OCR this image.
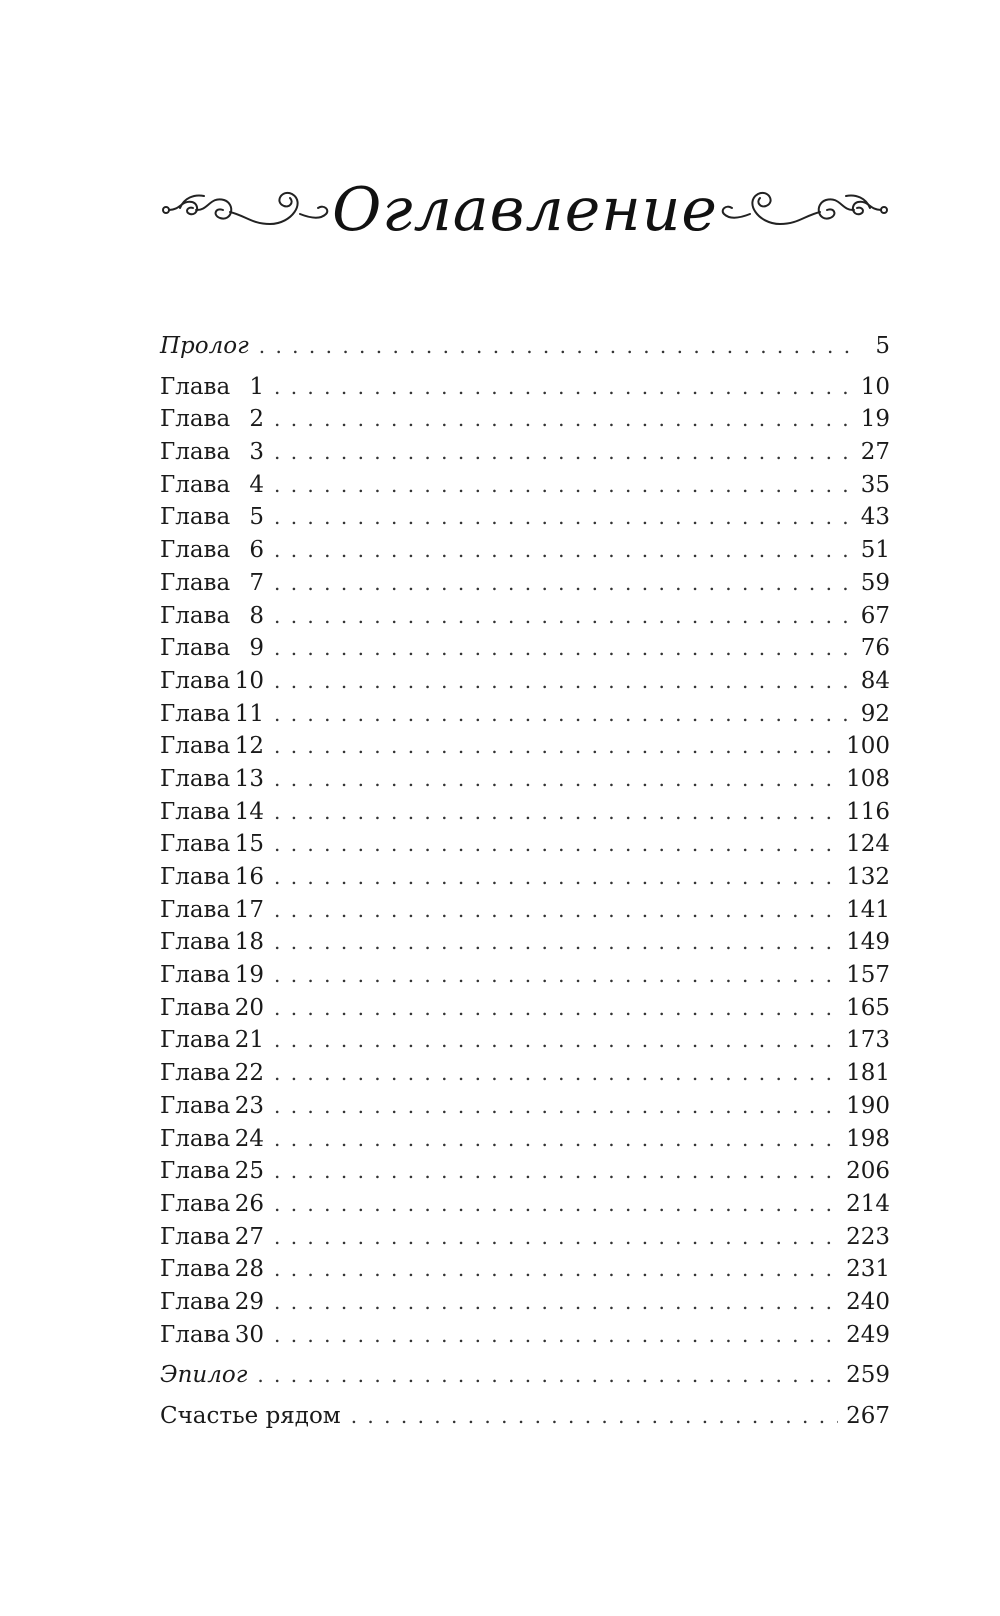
Оглавление
Пролог . . .	5
Глава 1 . . .	10
Глава 2 . . .	19
Глава 3 . . .	27
Глава 4 . . .	35
Глава 5 . . .	43
Глава 6 . . .	51
Глава 7 . . .	59
Глава 8 . . .	67
Глава 9 . . .	76
Глава 10 . . .	84
Глава 11 . . .	92
Глава 12 . . .	100
Глава 13 . . .	108
Глава 14 . . .	116
Глава 15 . . .	124
Глава 16 . . .	132
Глава 17 . . .	141
Глава 18 . . .	149
Глава 19 . . .	157
Глава 20 . . .	165
Глава 21 . . .	173
Глава 22 . . .	181
Глава 23 . . .	190
Глава 24 . . .	198
Глава 25 . . .	206
Глава 26 . . .	214
Глава 27 . . .	223
Глава 28 . . .	231
Глава 29 . . .	240
Глава 30 . . .	249
Эпилог . . .	259
Счастье рядом . . .	267
